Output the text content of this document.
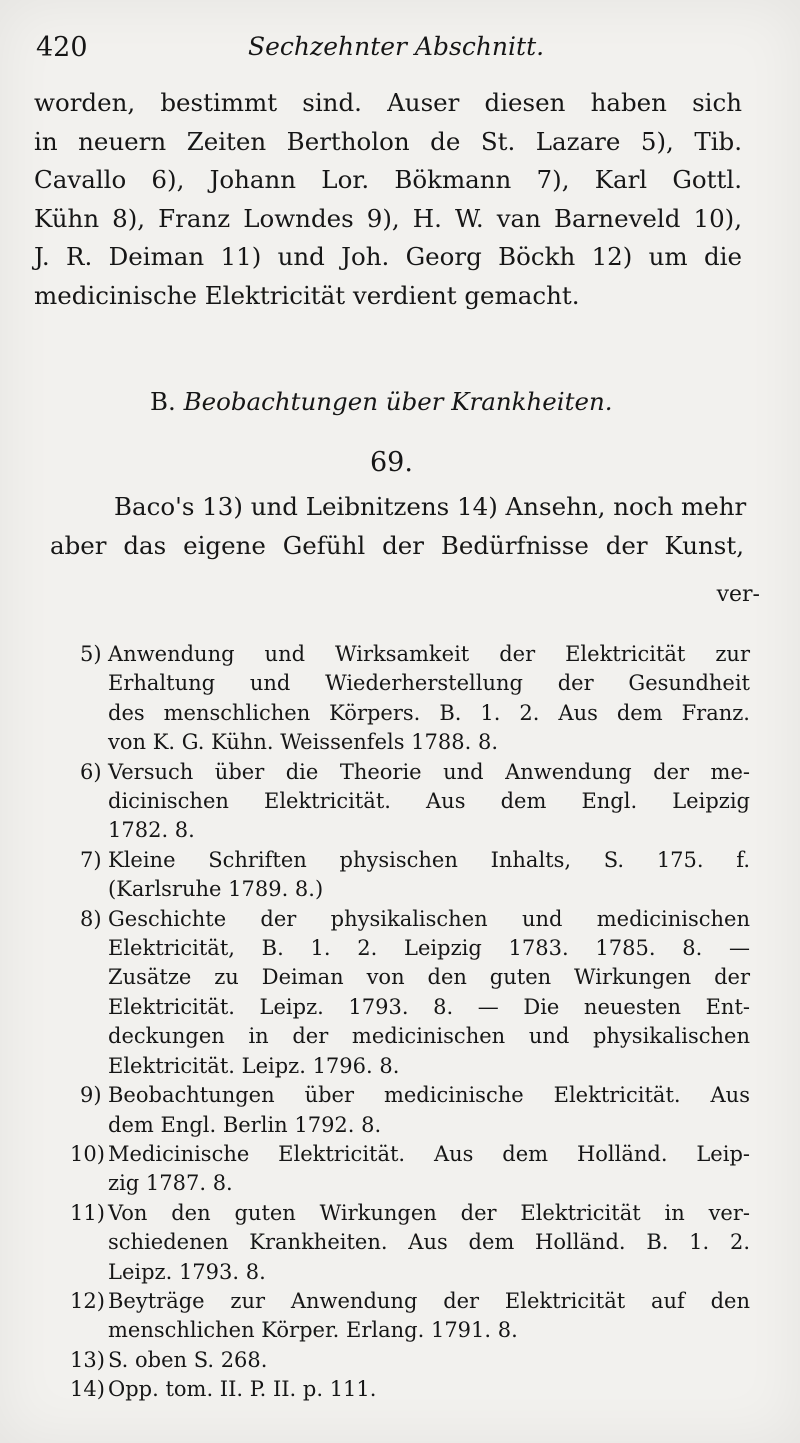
420	Sechzehnter Abschnitt.
worden, bestimmt sind. Auser diesen haben sich
in neuern Zeiten Bertholon de St. Lazare 5), Tib.
Cavallo 6), Johann Lor. Bökmann 7), Karl Gottl.
Kühn 8), Franz Lowndes 9), H. W. van Barneveld 10),
J. R. Deiman 11) und Joh. Georg Böckh 12) um die
medicinische Elektricität verdient gemacht.
B. Beobachtungen über Krankheiten.
69.
Baco's 13) und Leibnitzens 14) Ansehn, noch mehr
aber das eigene Gefühl der Bedürfnisse der Kunst,
ver-
5) Anwendung und Wirksamkeit der Elektricität zur
Erhaltung und Wiederherstellung der Gesundheit
des menschlichen Körpers. B. 1. 2. Aus dem Franz.
von K. G. Kühn. Weissenfels 1788. 8.
6) Versuch über die Theorie und Anwendung der me-
dicinischen Elektricität. Aus dem Engl. Leipzig
1782. 8.
7) Kleine Schriften physischen Inhalts, S. 175. f.
(Karlsruhe 1789. 8.)
8) Geschichte der physikalischen und medicinischen
Elektricität, B. 1. 2. Leipzig 1783. 1785. 8. —
Zusätze zu Deiman von den guten Wirkungen der
Elektricität. Leipz. 1793. 8. — Die neuesten Ent-
deckungen in der medicinischen und physikalischen
Elektricität. Leipz. 1796. 8.
9) Beobachtungen über medicinische Elektricität. Aus
dem Engl. Berlin 1792. 8.
10) Medicinische Elektricität. Aus dem Holländ. Leip-
zig 1787. 8.
11) Von den guten Wirkungen der Elektricität in ver-
schiedenen Krankheiten. Aus dem Holländ. B. 1. 2.
Leipz. 1793. 8.
12) Beyträge zur Anwendung der Elektricität auf den
menschlichen Körper. Erlang. 1791. 8.
13) S. oben S. 268.
14) Opp. tom. II. P. II. p. 111.
